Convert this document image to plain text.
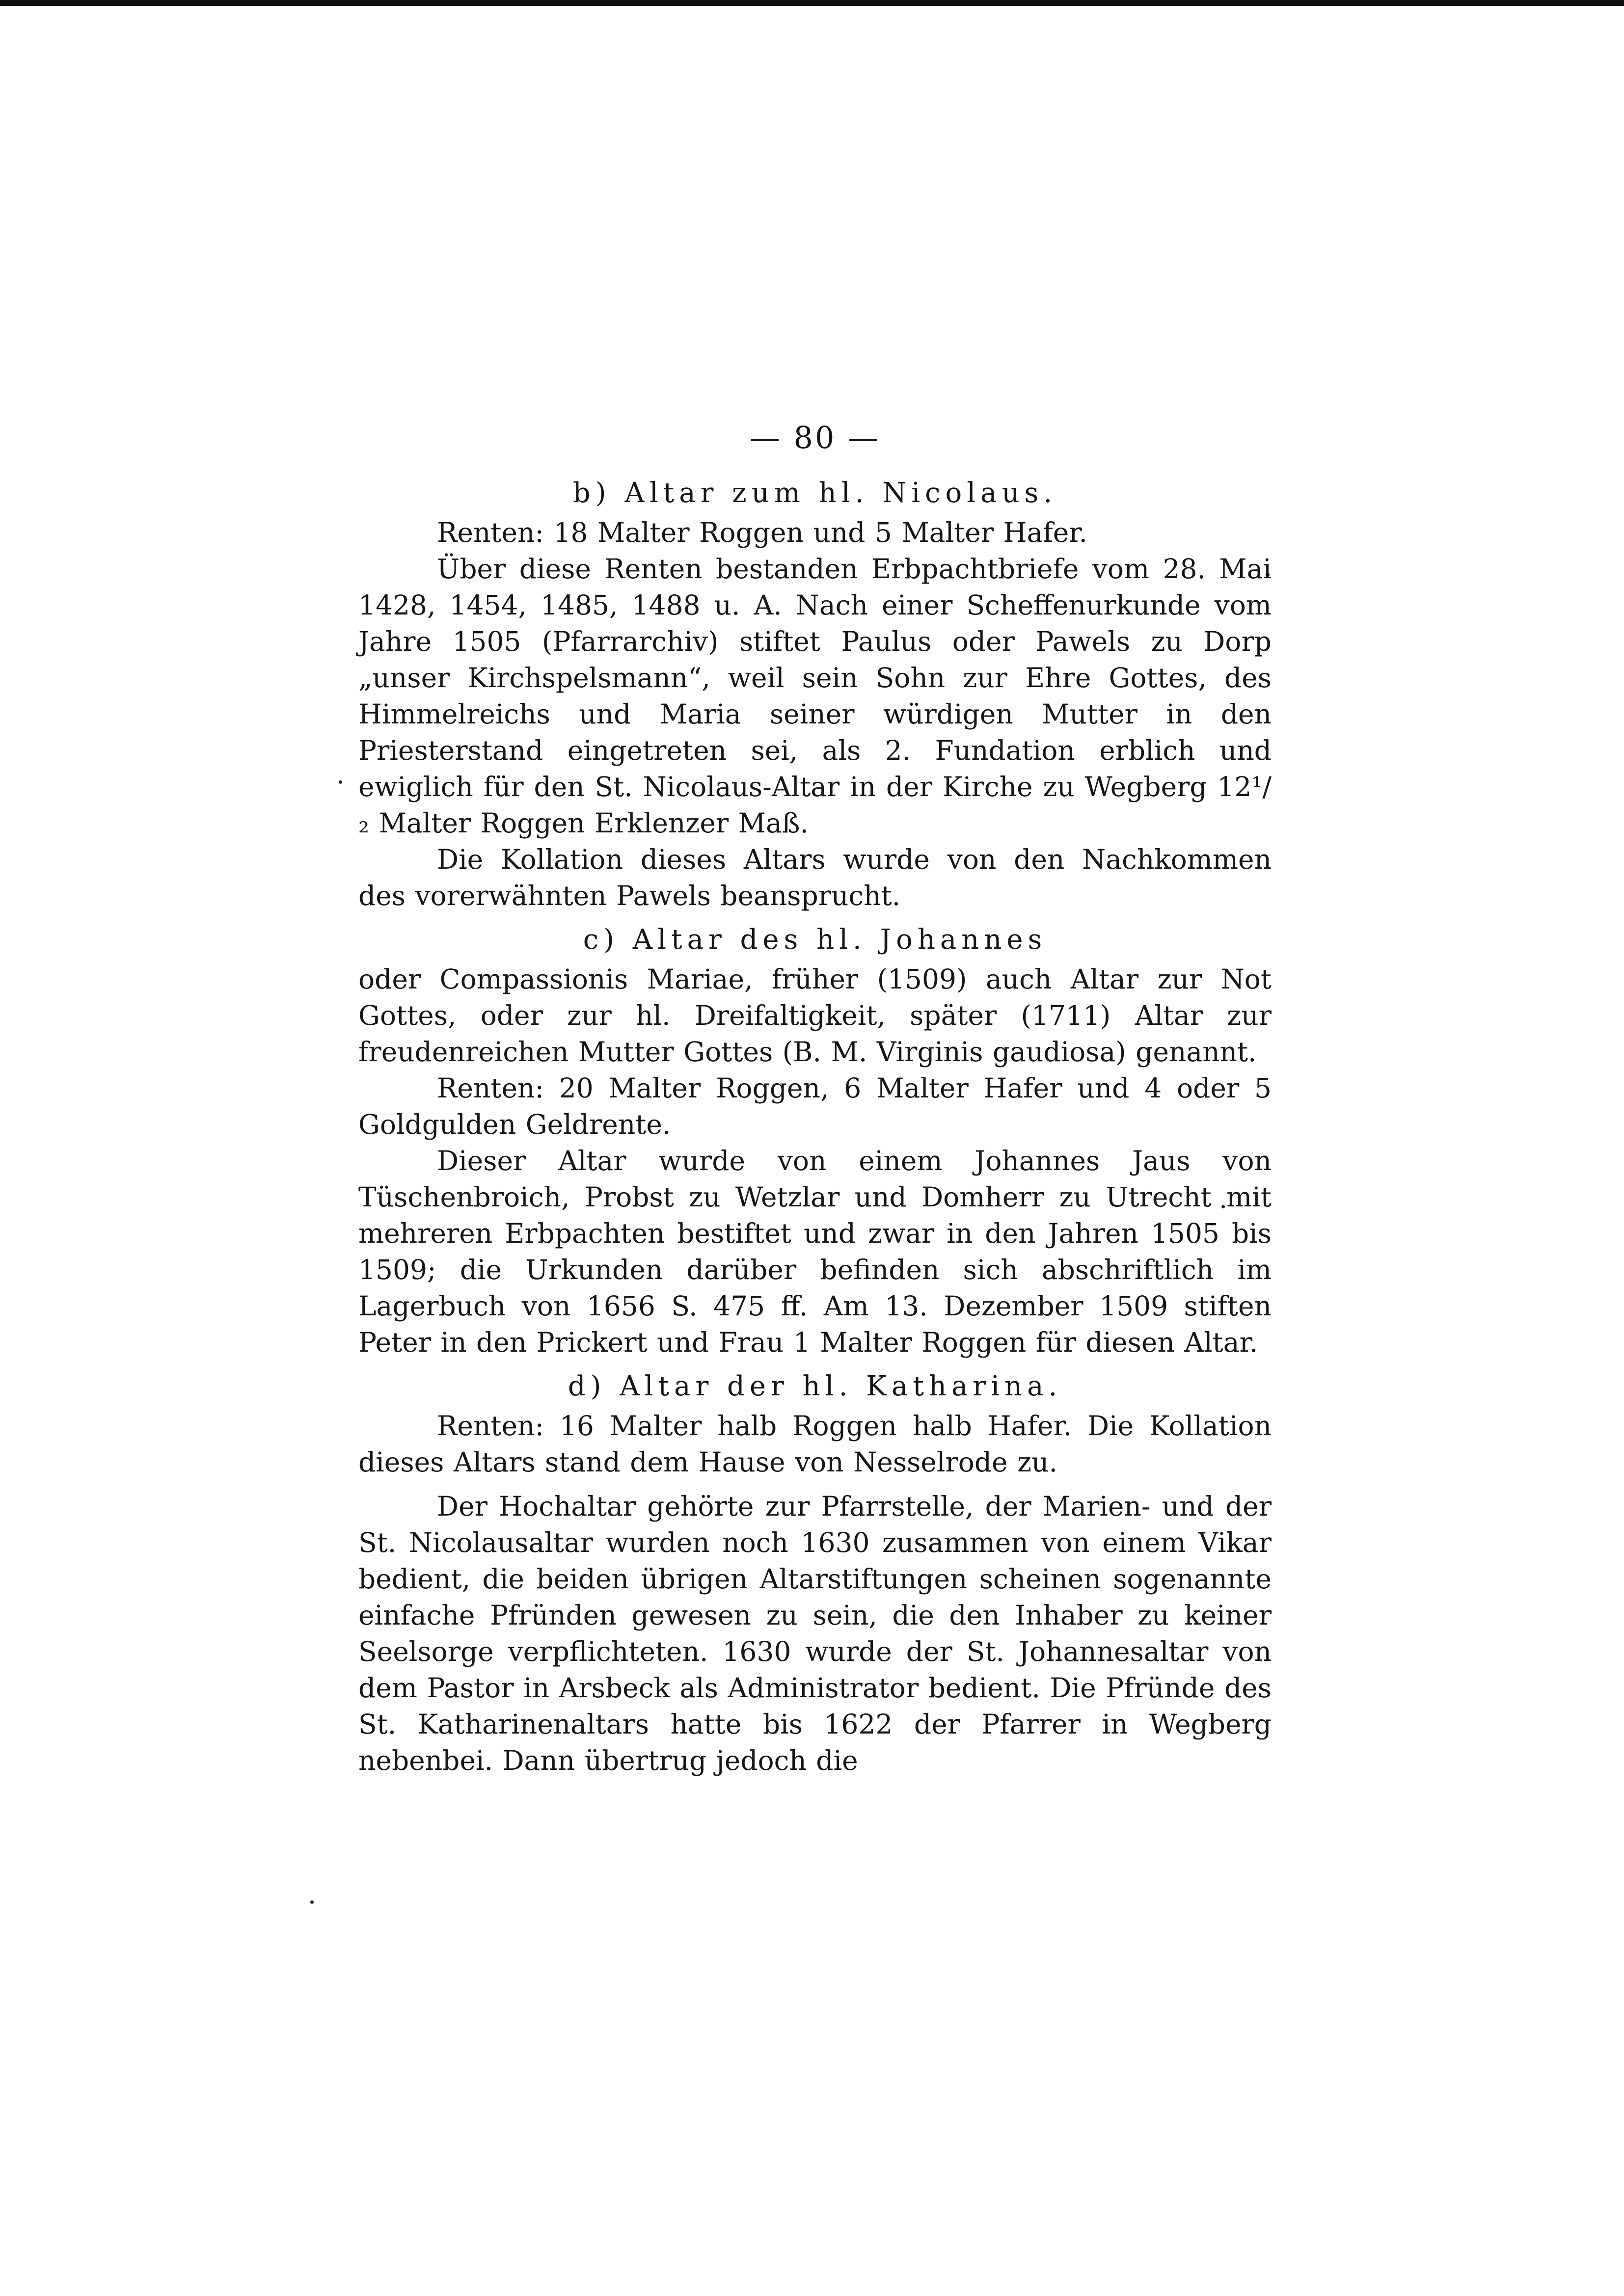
— 80 —
b) Altar zum hl. Nicolaus.

Renten: 18 Malter Roggen und 5 Malter Hafer.

Über diese Renten bestanden Erbpachtbriefe vom 28. Mai 1428, 1454, 1485, 1488 u. A. Nach einer Scheffenurkunde vom Jahre 1505 (Pfarrarchiv) stiftet Paulus oder Pawels zu Dorp „unser Kirchspelsmann“, weil sein Sohn zur Ehre Gottes, des Himmelreichs und Maria seiner würdigen Mutter in den Priesterstand eingetreten sei, als 2. Fundation erblich und ewiglich für den St. Nicolaus-Altar in der Kirche zu Wegberg 12¹/₂ Malter Roggen Erklenzer Maß.

Die Kollation dieses Altars wurde von den Nachkommen des vorerwähnten Pawels beansprucht.

c) Altar des hl. Johannes

oder Compassionis Mariae, früher (1509) auch Altar zur Not Gottes, oder zur hl. Dreifaltigkeit, später (1711) Altar zur freudenreichen Mutter Gottes (B. M. Virginis gaudiosa) genannt.

Renten: 20 Malter Roggen, 6 Malter Hafer und 4 oder 5 Goldgulden Geldrente.

Dieser Altar wurde von einem Johannes Jaus von Tüschenbroich, Probst zu Wetzlar und Domherr zu Utrecht mit mehreren Erbpachten bestiftet und zwar in den Jahren 1505 bis 1509; die Urkunden darüber befinden sich abschriftlich im Lagerbuch von 1656 S. 475 ff. Am 13. Dezember 1509 stiften Peter in den Prickert und Frau 1 Malter Roggen für diesen Altar.

d) Altar der hl. Katharina.

Renten: 16 Malter halb Roggen halb Hafer. Die Kollation dieses Altars stand dem Hause von Nesselrode zu.

Der Hochaltar gehörte zur Pfarrstelle, der Marien- und der St. Nicolausaltar wurden noch 1630 zusammen von einem Vikar bedient, die beiden übrigen Altarstiftungen scheinen sogenannte einfache Pfründen gewesen zu sein, die den Inhaber zu keiner Seelsorge verpflichteten. 1630 wurde der St. Johannesaltar von dem Pastor in Arsbeck als Administrator bedient. Die Pfründe des St. Katharinenaltars hatte bis 1622 der Pfarrer in Wegberg nebenbei. Dann übertrug jedoch die
